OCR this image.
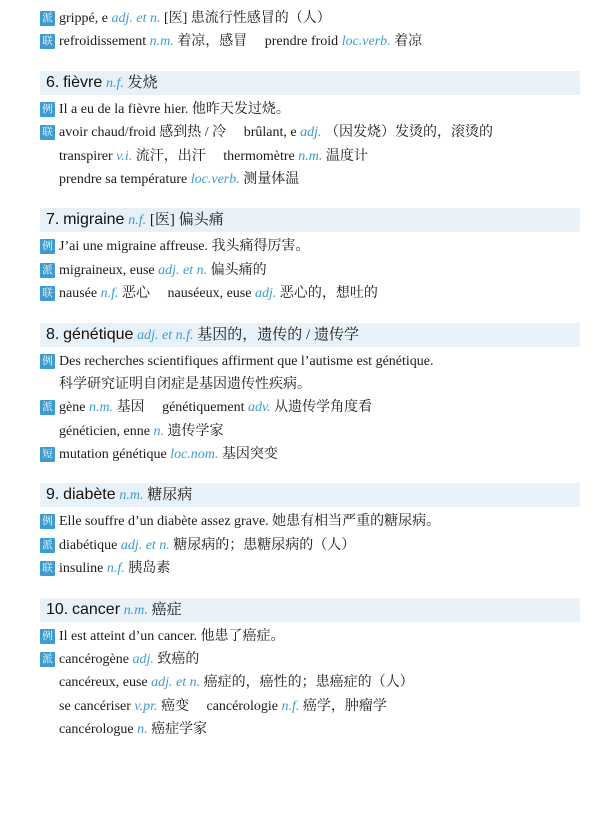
派 grippé, e adj. et n. [医] 患流行性感冒的（人）
联 refroidissement n.m. 着凉，感冒 prendre froid loc.verb. 着凉
6. fièvre n.f. 发烧
例 Il a eu de la fièvre hier. 他昨天发过烧。
联 avoir chaud/froid 感到热 / 冷 brûlant, e adj. （因发烧）发烫的，滚烫的
transpirer v.i. 流汗，出汗 thermomètre n.m. 温度计
prendre sa température loc.verb. 测量体温
7. migraine n.f. [医] 偏头痛
例 J’ai une migraine affreuse. 我头痛得厉害。
派 migraineux, euse adj. et n. 偏头痛的
联 nausée n.f. 恶心 nauséeux, euse adj. 恶心的，想吐的
8. génétique adj. et n.f. 基因的，遗传的 / 遗传学
例 Des recherches scientifiques affirment que l’autisme est génétique.
科学研究证明自闭症是基因遗传性疾病。
派 gène n.m. 基因 génétiquement adv. 从遗传学角度看
généticien, enne n. 遗传学家
短 mutation génétique loc.nom. 基因突变
9. diabète n.m. 糖尿病
例 Elle souffre d’un diabète assez grave. 她患有相当严重的糖尿病。
派 diabétique adj. et n. 糖尿病的；患糖尿病的（人）
联 insuline n.f. 胰岛素
10. cancer n.m. 癌症
例 Il est atteint d’un cancer. 他患了癌症。
派 cancérogène adj. 致癌的
cancéreux, euse adj. et n. 癌症的，癌性的；患癌症的（人）
se cancériser v.pr. 癌变 cancérologie n.f. 癌学，肿瘤学
cancérologue n. 癌症学家
